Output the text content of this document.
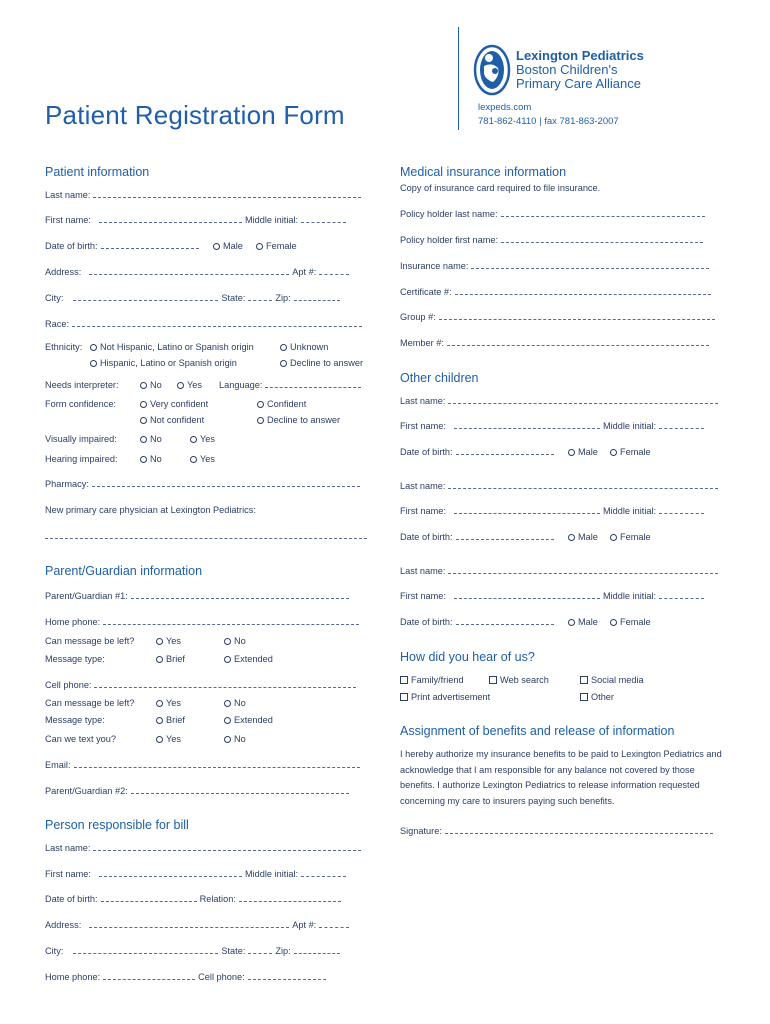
Patient Registration Form
Lexington Pediatrics
Boston Children's
Primary Care Alliance
lexpeds.com
781-862-4110 | fax 781-863-2007
Patient information
Last name:
First name:	Middle initial:
Date of birth:	Male	Female
Address:	Apt #:
City:	State:	Zip:
Race:
Ethnicity:	Not Hispanic, Latino or Spanish origin	Unknown
Hispanic, Latino or Spanish origin	Decline to answer
Needs interpreter:	No	Yes Language:
Form confidence:	Very confident	Confident
Not confident	Decline to answer
Visually impaired:	No	Yes
Hearing impaired:	No	Yes
Pharmacy:
New primary care physician at Lexington Pediatrics:
Parent/Guardian information
Parent/Guardian #1:
Home phone:
Can message be left?	Yes	No
Message type:	Brief	Extended
Cell phone:
Can message be left?	Yes	No
Message type:	Brief	Extended
Can we text you?	Yes	No
Email:
Parent/Guardian #2:
Person responsible for bill
Last name:
First name:	Middle initial:
Date of birth:	Relation:
Address:	Apt #:
City:	State:	Zip:
Home phone:	Cell phone:
Medical insurance information
Copy of insurance card required to file insurance.
Policy holder last name:
Policy holder first name:
Insurance name:
Certificate #:
Group #:
Member #:
Other children
Last name:
First name:	Middle initial:
Date of birth:	Male	Female
Last name:
First name:	Middle initial:
Date of birth:	Male	Female
Last name:
First name:	Middle initial:
Date of birth:	Male	Female
How did you hear of us?
Family/friend	Web search	Social media
Print advertisement	Other
Assignment of benefits and release of information
I hereby authorize my insurance benefits to be paid to Lexington Pediatrics and acknowledge that I am responsible for any balance not covered by those benefits. I authorize Lexington Pediatrics to release information requested concerning my care to insurers paying such benefits.
Signature:
